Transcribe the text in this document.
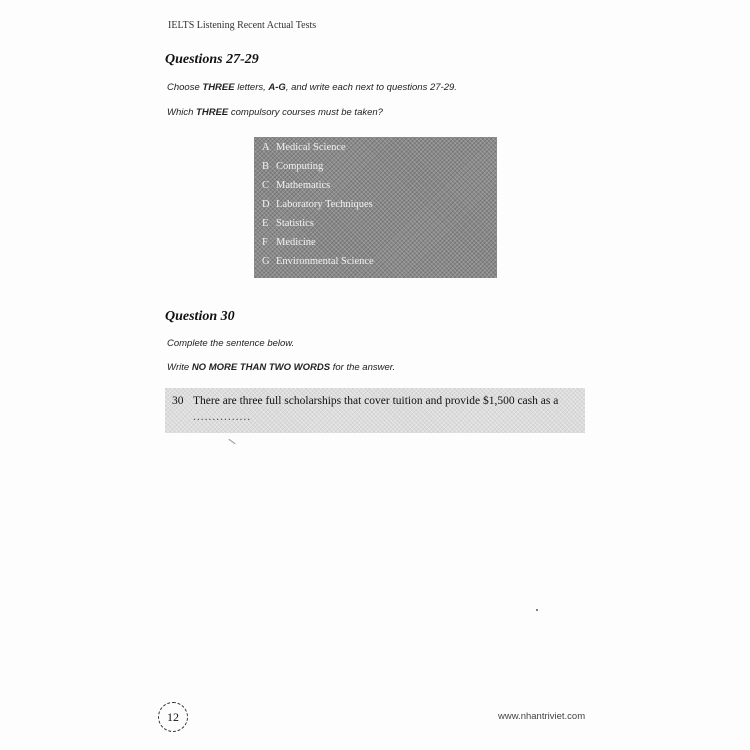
IELTS Listening Recent Actual Tests
Questions 27-29
Choose THREE letters, A-G, and write each next to questions 27-29.
Which THREE compulsory courses must be taken?
A Medical Science
B Computing
C Mathematics
D Laboratory Techniques
E Statistics
F Medicine
G Environmental Science
Question 30
Complete the sentence below.
Write NO MORE THAN TWO WORDS for the answer.
30 There are three full scholarships that cover tuition and provide $1,500 cash as a
...............
12	www.nhantriviet.com
